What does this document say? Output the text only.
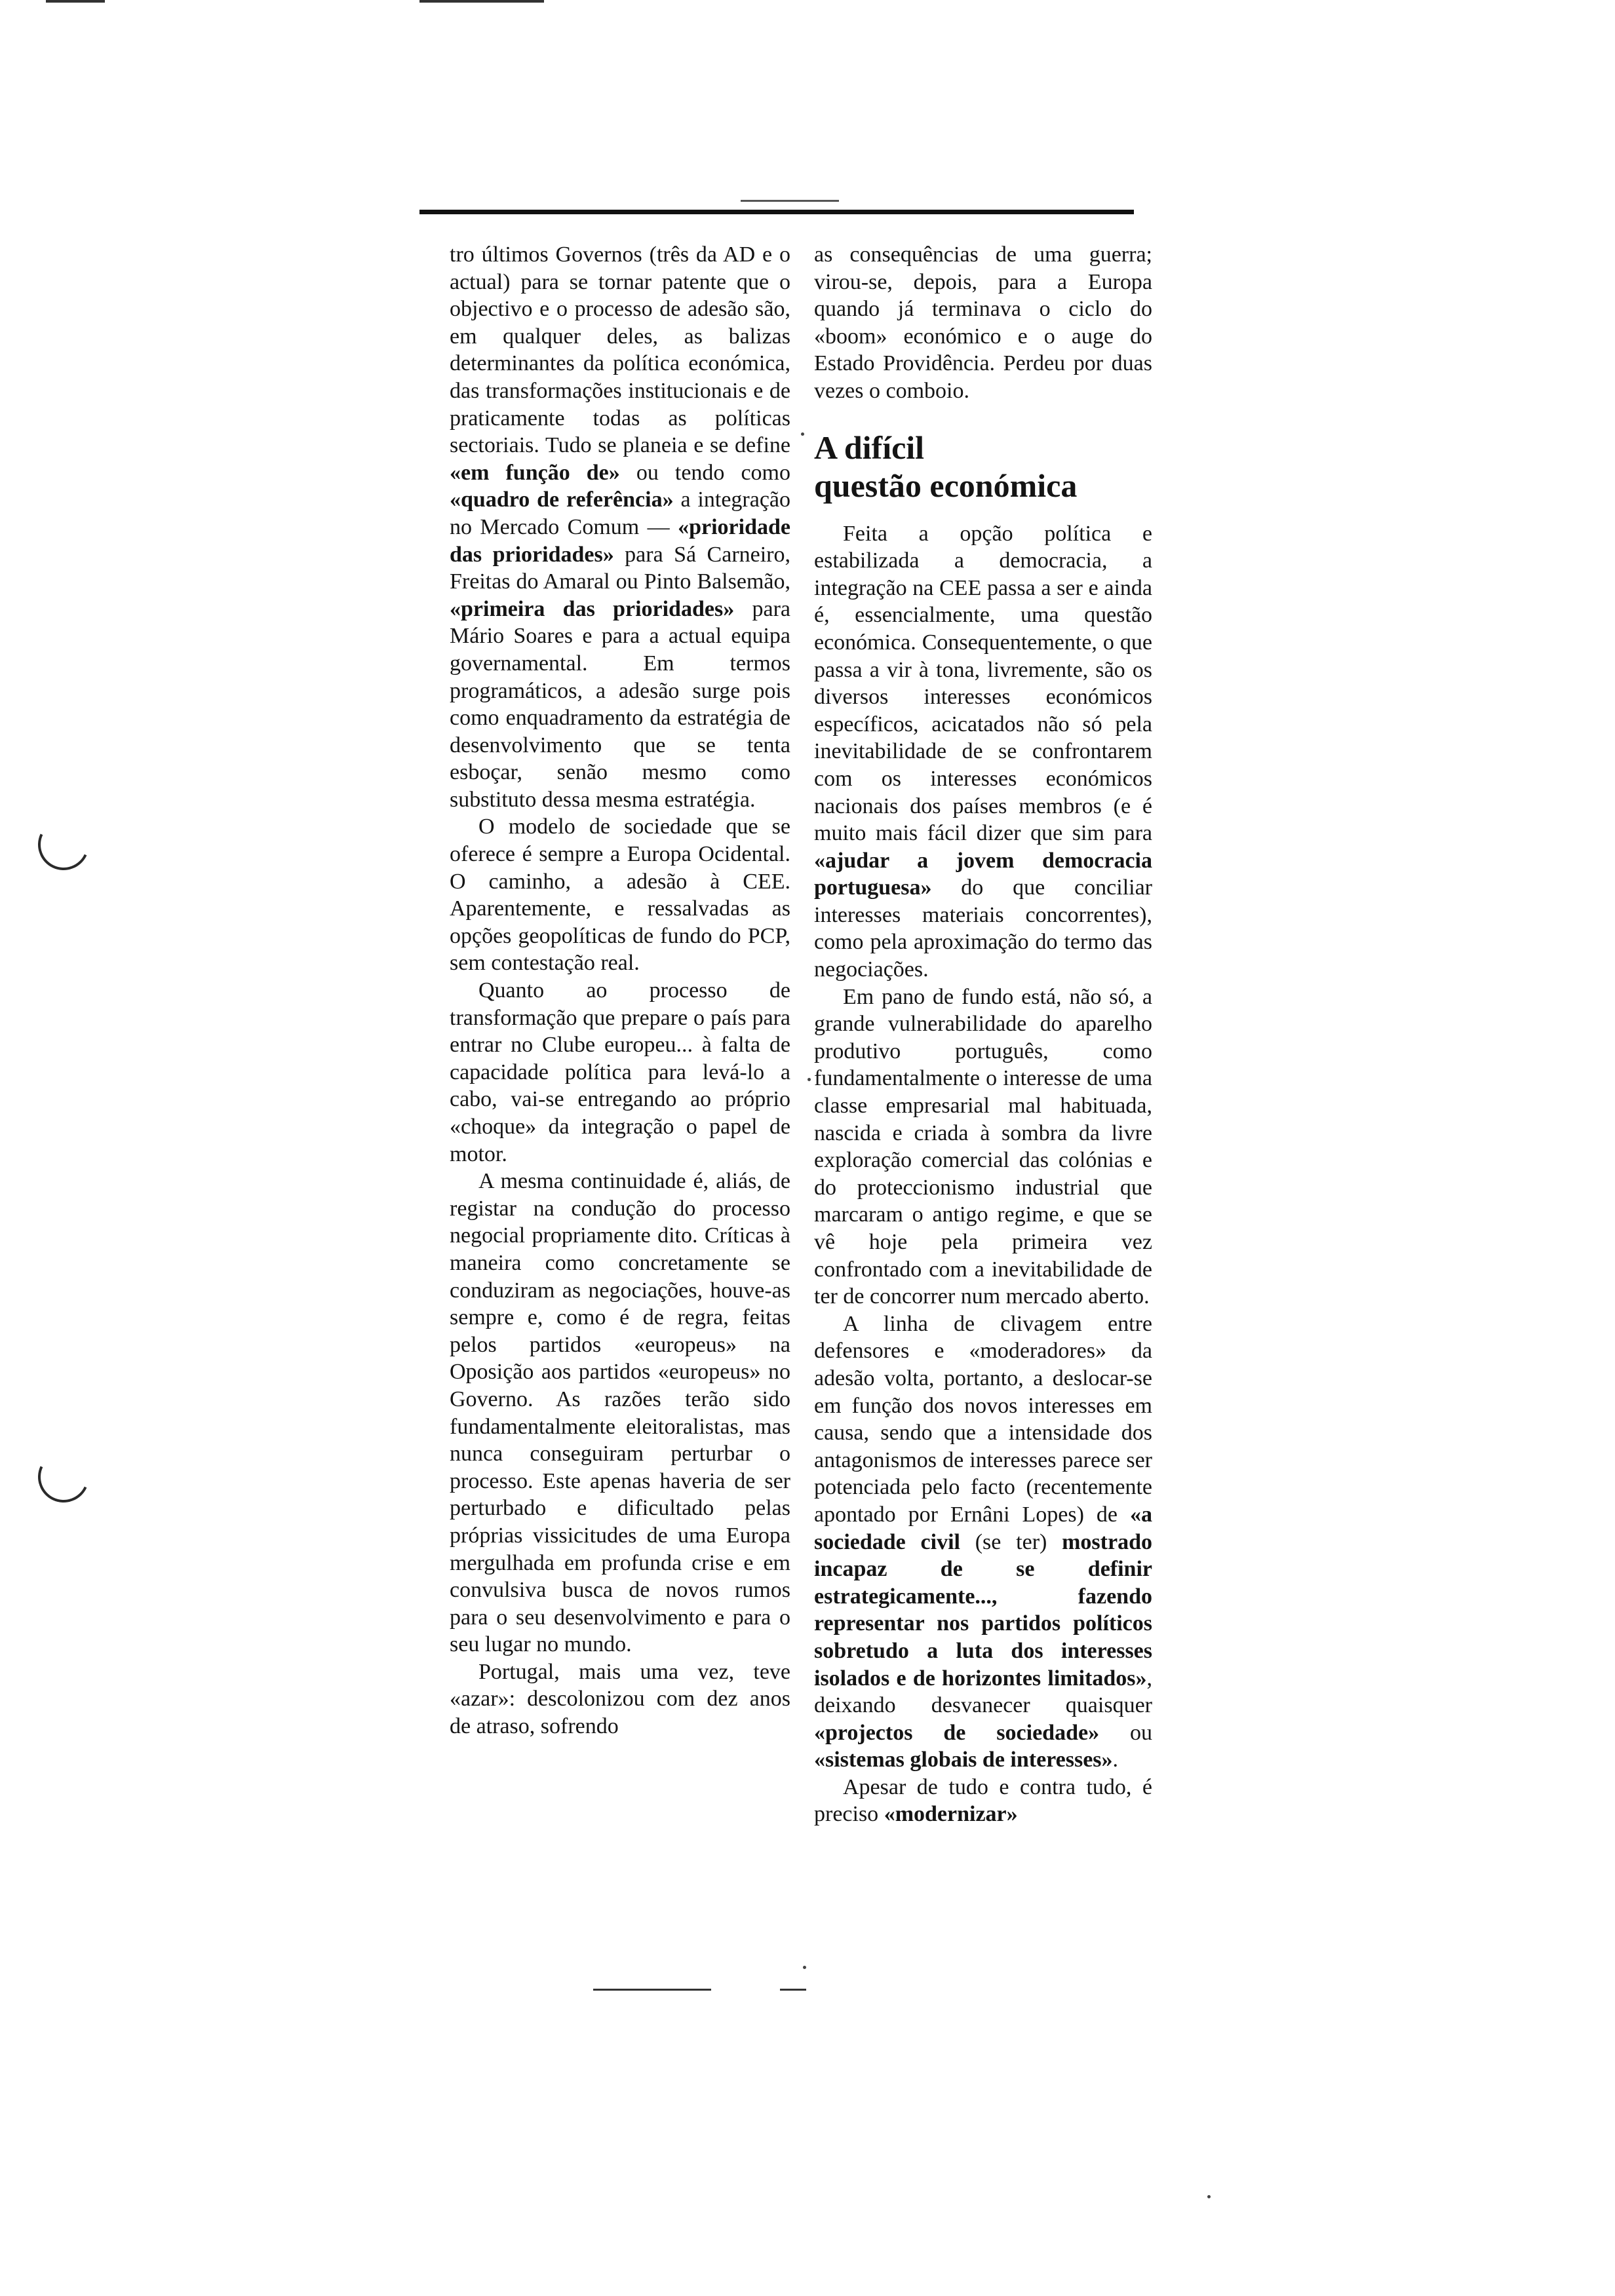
tro últimos Governos (três da AD e o actual) para se tornar patente que o objectivo e o processo de adesão são, em qualquer deles, as balizas determinantes da política económica, das transformações institucionais e de praticamente todas as políticas sectoriais. Tudo se planeia e se define «em função de» ou tendo como «quadro de referência» a integração no Mercado Comum — «prioridade das prioridades» para Sá Carneiro, Freitas do Amaral ou Pinto Balsemão, «primeira das prioridades» para Mário Soares e para a actual equipa governamental. Em termos programáticos, a adesão surge pois como enquadramento da estratégia de desenvolvimento que se tenta esboçar, senão mesmo como substituto dessa mesma estratégia.

O modelo de sociedade que se oferece é sempre a Europa Ocidental. O caminho, a adesão à CEE. Aparentemente, e ressalvadas as opções geopolíticas de fundo do PCP, sem contestação real.

Quanto ao processo de transformação que prepare o país para entrar no Clube europeu... à falta de capacidade política para levá-lo a cabo, vai-se entregando ao próprio «choque» da integração o papel de motor.

A mesma continuidade é, aliás, de registar na condução do processo negocial propriamente dito. Críticas à maneira como concretamente se conduziram as negociações, houve-as sempre e, como é de regra, feitas pelos partidos «europeus» na Oposição aos partidos «europeus» no Governo. As razões terão sido fundamentalmente eleitoralistas, mas nunca conseguiram perturbar o processo. Este apenas haveria de ser perturbado e dificultado pelas próprias vissicitudes de uma Europa mergulhada em profunda crise e em convulsiva busca de novos rumos para o seu desenvolvimento e para o seu lugar no mundo.

Portugal, mais uma vez, teve «azar»: descolonizou com dez anos de atraso, sofrendo

as consequências de uma guerra; virou-se, depois, para a Europa quando já terminava o ciclo do «boom» económico e o auge do Estado Providência. Perdeu por duas vezes o comboio.

A difícil
questão económica

Feita a opção política e estabilizada a democracia, a integração na CEE passa a ser e ainda é, essencialmente, uma questão económica. Consequentemente, o que passa a vir à tona, livremente, são os diversos interesses económicos específicos, acicatados não só pela inevitabilidade de se confrontarem com os interesses económicos nacionais dos países membros (e é muito mais fácil dizer que sim para «ajudar a jovem democracia portuguesa» do que conciliar interesses materiais concorrentes), como pela aproximação do termo das negociações.

Em pano de fundo está, não só, a grande vulnerabilidade do aparelho produtivo português, como fundamentalmente o interesse de uma classe empresarial mal habituada, nascida e criada à sombra da livre exploração comercial das colónias e do proteccionismo industrial que marcaram o antigo regime, e que se vê hoje pela primeira vez confrontado com a inevitabilidade de ter de concorrer num mercado aberto.

A linha de clivagem entre defensores e «moderadores» da adesão volta, portanto, a deslocar-se em função dos novos interesses em causa, sendo que a intensidade dos antagonismos de interesses parece ser potenciada pelo facto (recentemente apontado por Ernâni Lopes) de «a sociedade civil (se ter) mostrado incapaz de se definir estrategicamente..., fazendo representar nos partidos políticos sobretudo a luta dos interesses isolados e de horizontes limitados», deixando desvanecer quaisquer «projectos de sociedade» ou «sistemas globais de interesses».

Apesar de tudo e contra tudo, é preciso «modernizar»
